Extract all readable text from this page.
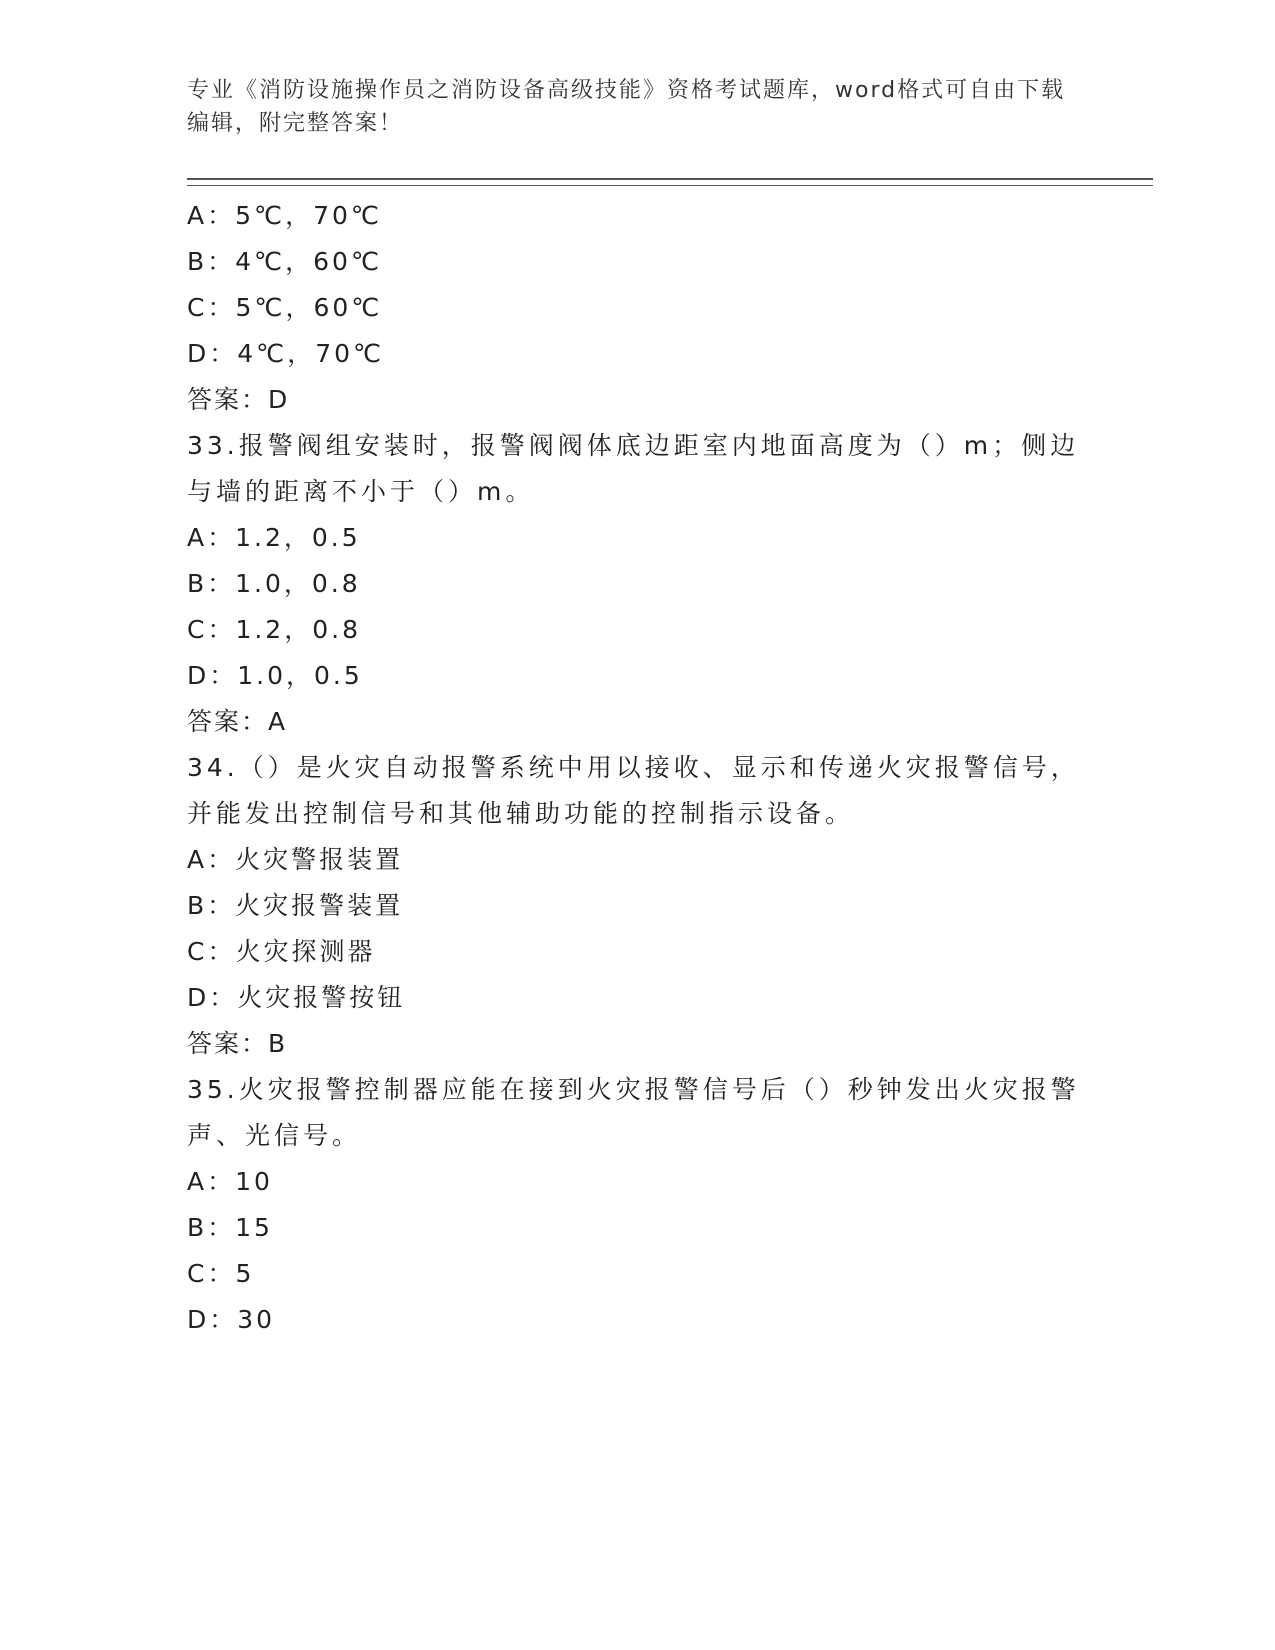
专业《消防设施操作员之消防设备高级技能》资格考试题库，word格式可自由下载编辑，附完整答案！
A：5℃，70℃
B：4℃，60℃
C：5℃，60℃
D：4℃，70℃
答案：D
33.报警阀组安装时，报警阀阀体底边距室内地面高度为（）m；侧边与墙的距离不小于（）m。
A：1.2，0.5
B：1.0，0.8
C：1.2，0.8
D：1.0，0.5
答案：A
34.（）是火灾自动报警系统中用以接收、显示和传递火灾报警信号，并能发出控制信号和其他辅助功能的控制指示设备。
A：火灾警报装置
B：火灾报警装置
C：火灾探测器
D：火灾报警按钮
答案：B
35.火灾报警控制器应能在接到火灾报警信号后（）秒钟发出火灾报警声、光信号。
A：10
B：15
C：5
D：30
